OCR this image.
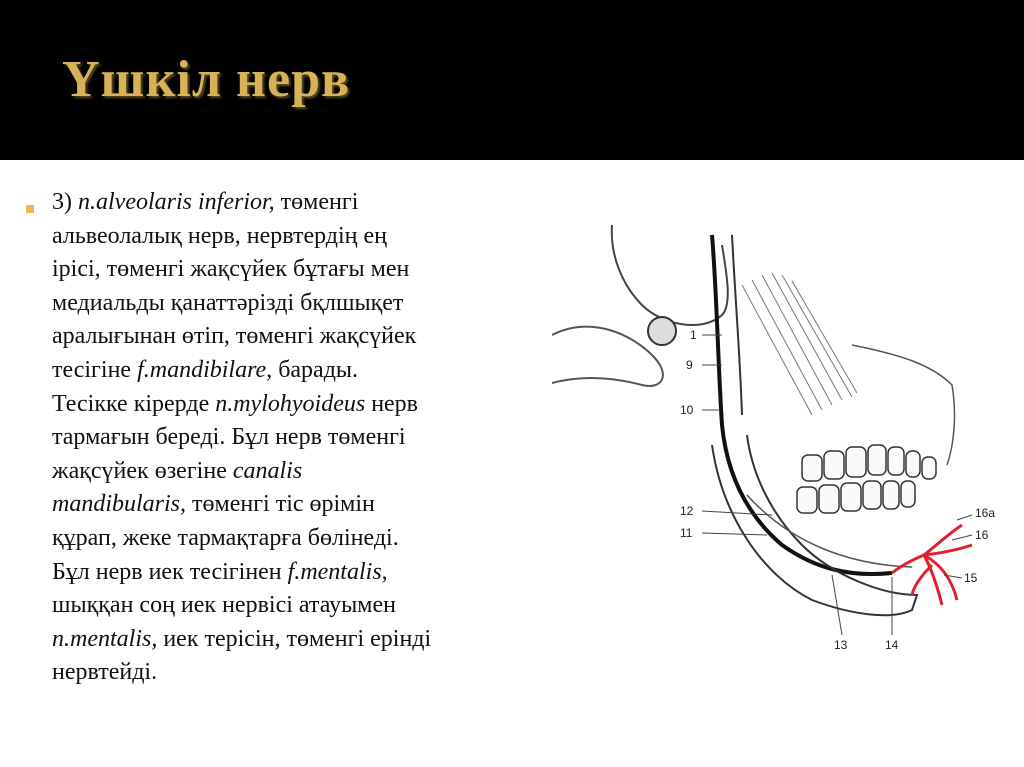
Үшкіл нерв
3) n.alveolaris inferior, төменгі
альвеолалық нерв, нервтердің ең
ірісі, төменгі жақсүйек бұтағы мен
медиальды қанаттәрізді бқлшықет
аралығынан өтіп, төменгі жақсүйек
тесігіне f.mandibilare, барады.
Тесікке кірерде n.mylohyoideus нерв
тармағын береді. Бұл нерв төменгі
жақсүйек өзегіне canalis
mandibularis, төменгі тіс өрімін
құрап, жеке тармақтарға бөлінеді.
Бұл нерв иек тесігінен f.mentalis,
шыққан соң иек нервісі атауымен
n.mentalis, иек терісін, төменгі ерінді
нервтейді.
1
9
10
12
11
13	14
15
16
16а
